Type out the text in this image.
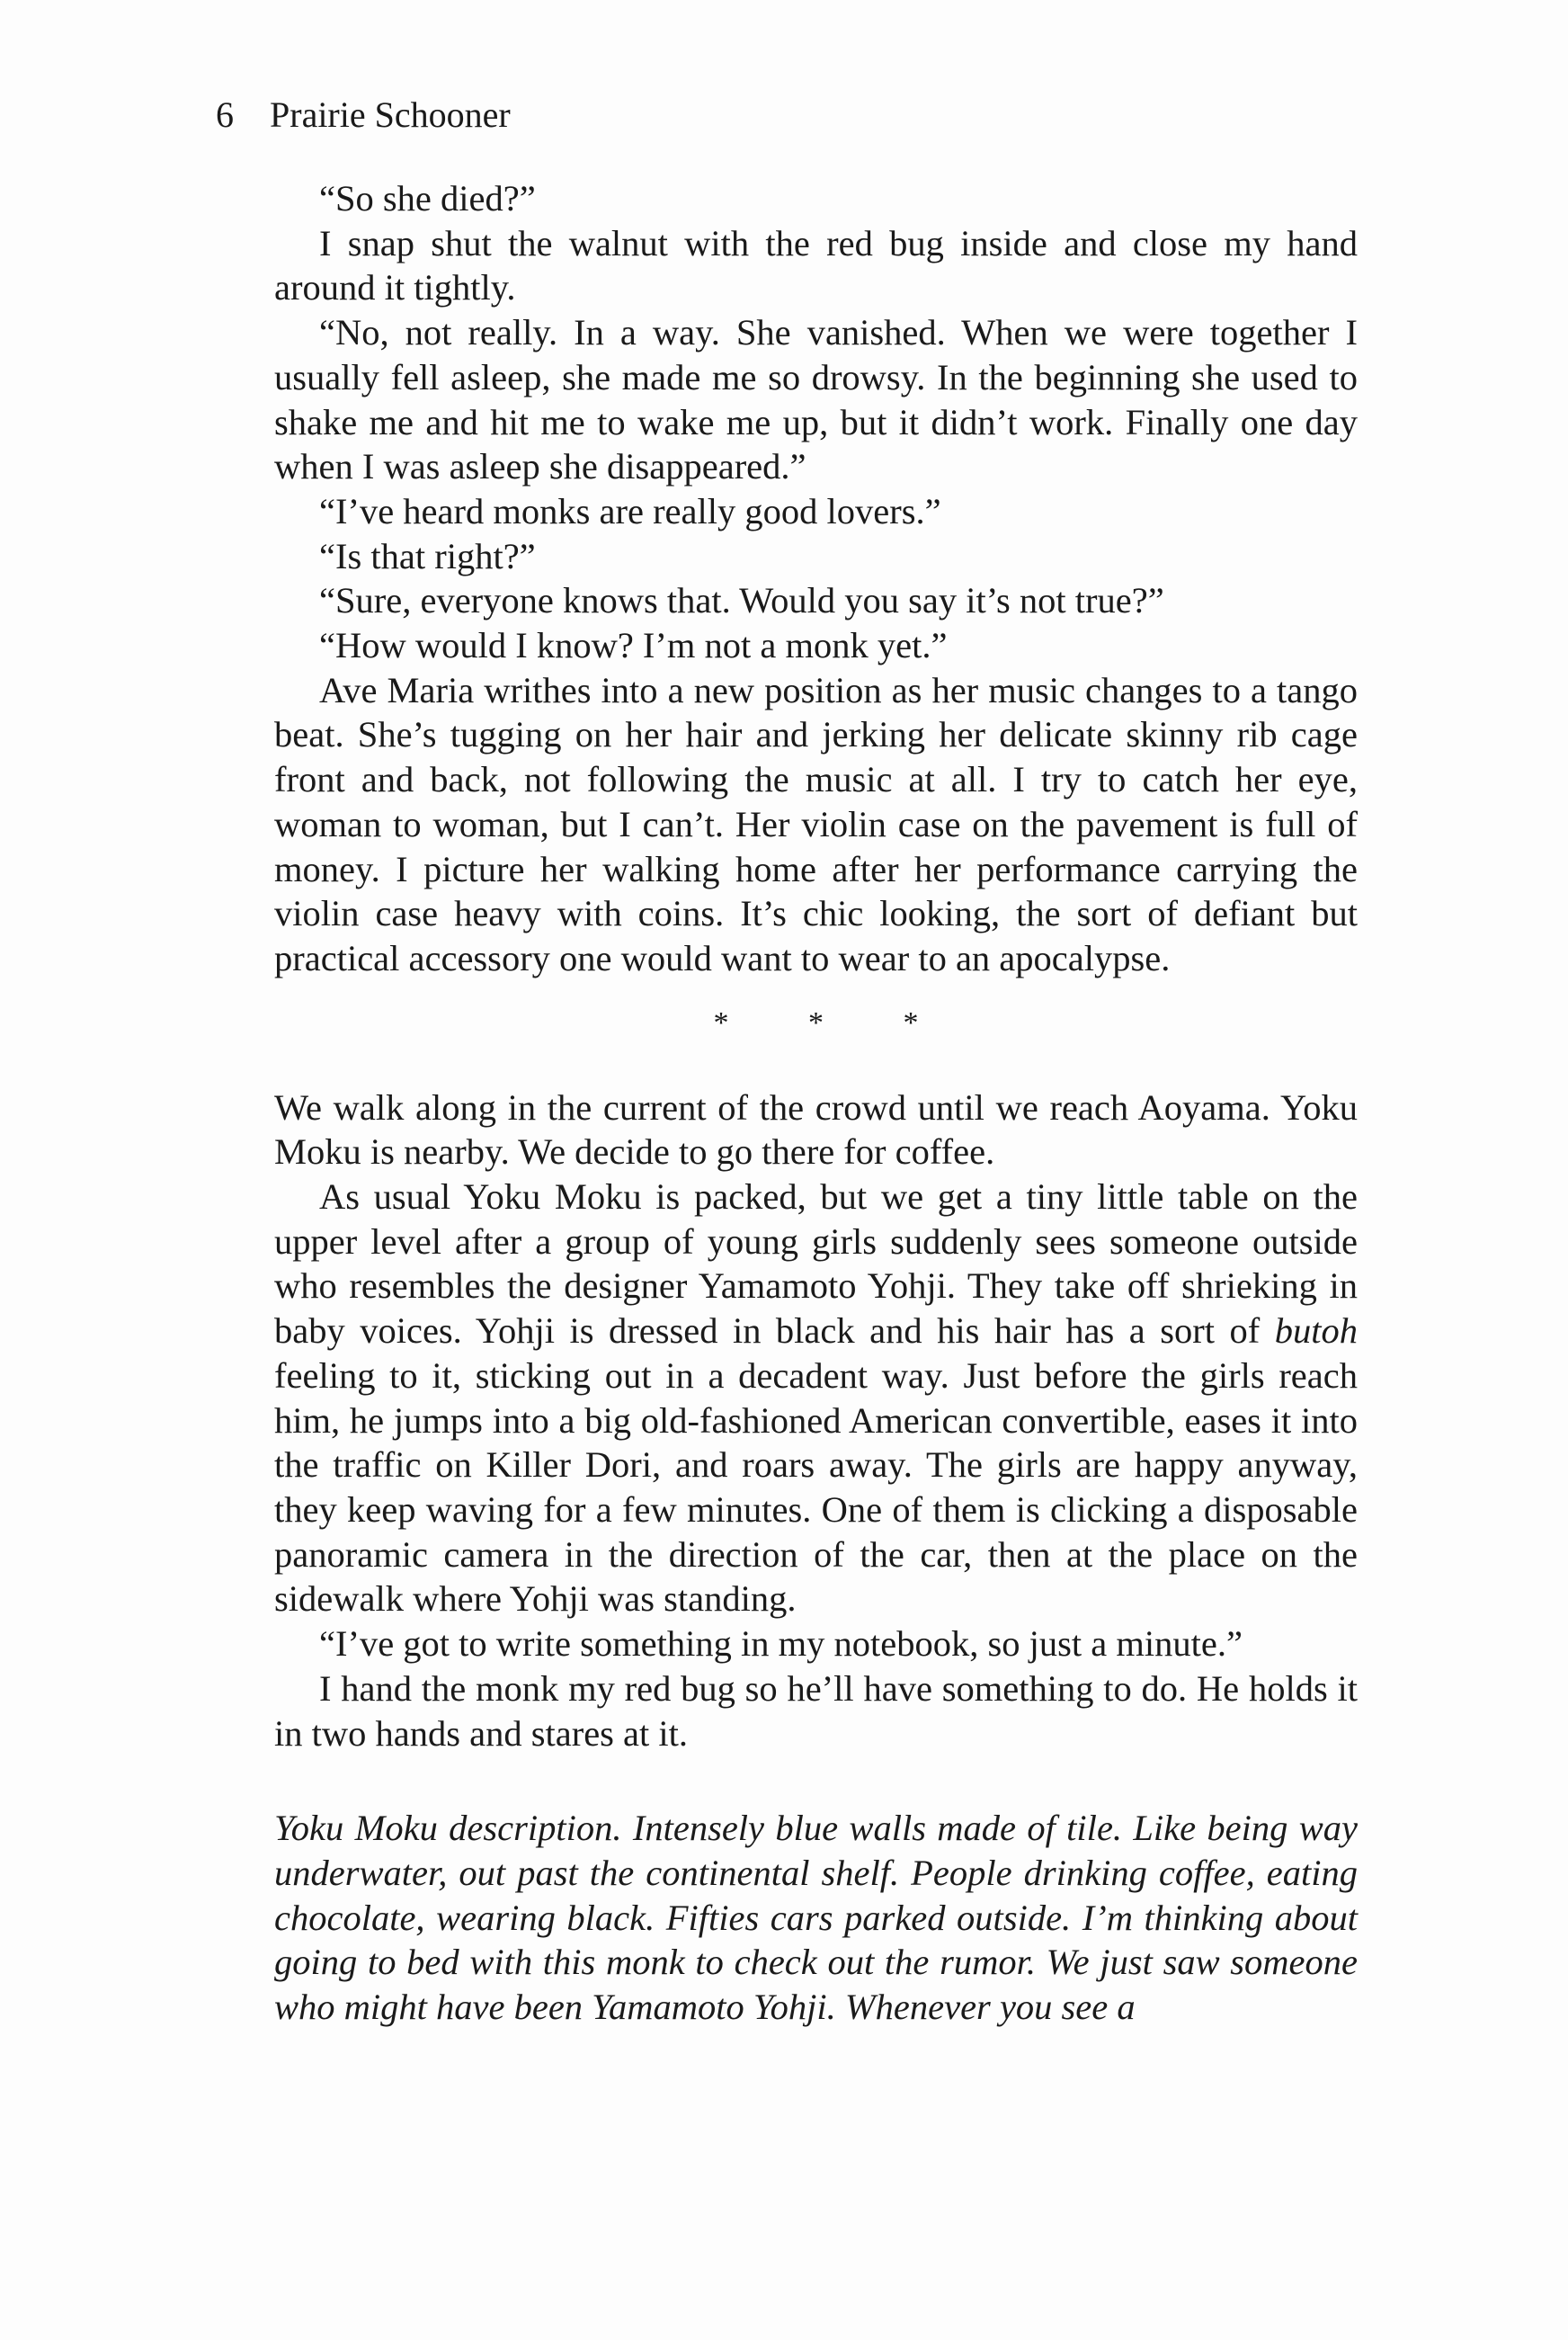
6 Prairie Schooner

“So she died?”

I snap shut the walnut with the red bug inside and close my hand around it tightly.

“No, not really. In a way. She vanished. When we were together I usually fell asleep, she made me so drowsy. In the beginning she used to shake me and hit me to wake me up, but it didn’t work. Finally one day when I was asleep she disappeared.”

“I’ve heard monks are really good lovers.”

“Is that right?”

“Sure, everyone knows that. Would you say it’s not true?”

“How would I know? I’m not a monk yet.”

Ave Maria writhes into a new position as her music changes to a tango beat. She’s tugging on her hair and jerking her delicate skinny rib cage front and back, not following the music at all. I try to catch her eye, woman to woman, but I can’t. Her violin case on the pavement is full of money. I picture her walking home after her performance carrying the violin case heavy with coins. It’s chic looking, the sort of defiant but practical accessory one would want to wear to an apocalypse.

* * *

We walk along in the current of the crowd until we reach Aoyama. Yoku Moku is nearby. We decide to go there for coffee.

As usual Yoku Moku is packed, but we get a tiny little table on the upper level after a group of young girls suddenly sees someone outside who resembles the designer Yamamoto Yohji. They take off shrieking in baby voices. Yohji is dressed in black and his hair has a sort of butoh feeling to it, sticking out in a decadent way. Just before the girls reach him, he jumps into a big old-fashioned American convertible, eases it into the traffic on Killer Dori, and roars away. The girls are happy anyway, they keep waving for a few minutes. One of them is clicking a disposable panoramic camera in the direction of the car, then at the place on the sidewalk where Yohji was standing.

“I’ve got to write something in my notebook, so just a minute.”

I hand the monk my red bug so he’ll have something to do. He holds it in two hands and stares at it.

Yoku Moku description. Intensely blue walls made of tile. Like being way underwater, out past the continental shelf. People drinking coffee, eating chocolate, wearing black. Fifties cars parked outside. I’m thinking about going to bed with this monk to check out the rumor. We just saw someone who might have been Yamamoto Yohji. Whenever you see a
